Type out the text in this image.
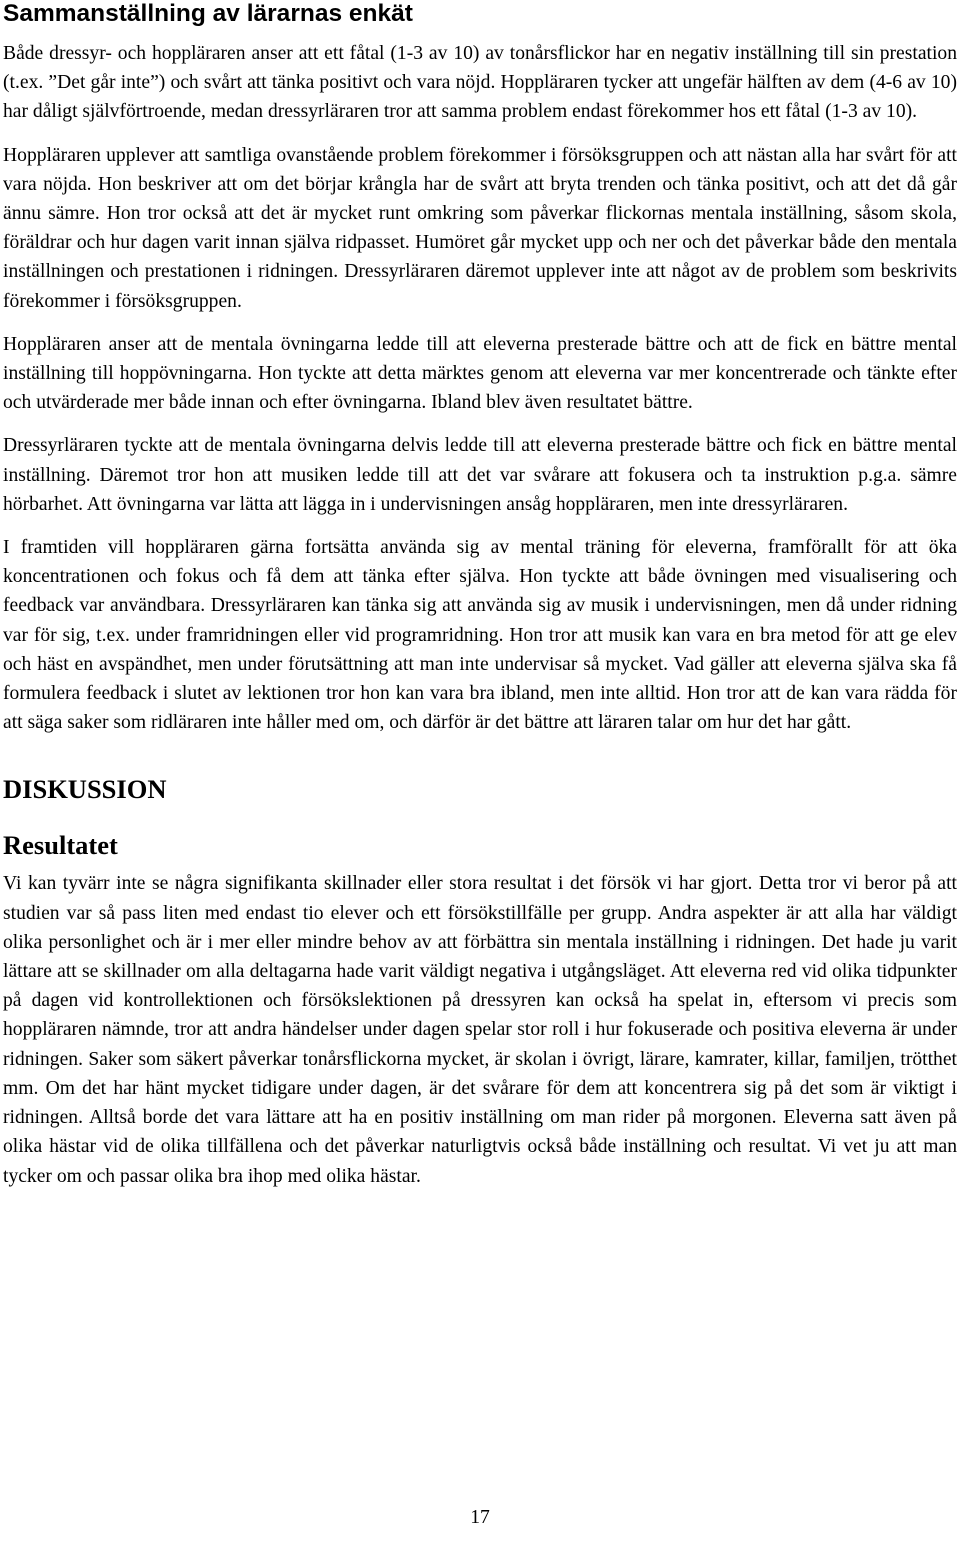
Sammanställning av lärarnas enkät

Både dressyr- och hoppläraren anser att ett fåtal (1-3 av 10) av tonårsflickor har en negativ inställning till sin prestation (t.ex. ”Det går inte”) och svårt att tänka positivt och vara nöjd. Hoppläraren tycker att ungefär hälften av dem (4-6 av 10) har dåligt självförtroende, medan dressyrläraren tror att samma problem endast förekommer hos ett fåtal (1-3 av 10).

Hoppläraren upplever att samtliga ovanstående problem förekommer i försöksgruppen och att nästan alla har svårt för att vara nöjda. Hon beskriver att om det börjar krångla har de svårt att bryta trenden och tänka positivt, och att det då går ännu sämre. Hon tror också att det är mycket runt omkring som påverkar flickornas mentala inställning, såsom skola, föräldrar och hur dagen varit innan själva ridpasset. Humöret går mycket upp och ner och det påverkar både den mentala inställningen och prestationen i ridningen. Dressyrläraren däremot upplever inte att något av de problem som beskrivits förekommer i försöksgruppen.

Hoppläraren anser att de mentala övningarna ledde till att eleverna presterade bättre och att de fick en bättre mental inställning till hoppövningarna. Hon tyckte att detta märktes genom att eleverna var mer koncentrerade och tänkte efter och utvärderade mer både innan och efter övningarna. Ibland blev även resultatet bättre.

Dressyrläraren tyckte att de mentala övningarna delvis ledde till att eleverna presterade bättre och fick en bättre mental inställning. Däremot tror hon att musiken ledde till att det var svårare att fokusera och ta instruktion p.g.a. sämre hörbarhet. Att övningarna var lätta att lägga in i undervisningen ansåg hoppläraren, men inte dressyrläraren.

I framtiden vill hoppläraren gärna fortsätta använda sig av mental träning för eleverna, framförallt för att öka koncentrationen och fokus och få dem att tänka efter själva. Hon tyckte att både övningen med visualisering och feedback var användbara. Dressyrläraren kan tänka sig att använda sig av musik i undervisningen, men då under ridning var för sig, t.ex. under framridningen eller vid programridning. Hon tror att musik kan vara en bra metod för att ge elev och häst en avspändhet, men under förutsättning att man inte undervisar så mycket. Vad gäller att eleverna själva ska få formulera feedback i slutet av lektionen tror hon kan vara bra ibland, men inte alltid. Hon tror att de kan vara rädda för att säga saker som ridläraren inte håller med om, och därför är det bättre att läraren talar om hur det har gått.

DISKUSSION
Resultatet

Vi kan tyvärr inte se några signifikanta skillnader eller stora resultat i det försök vi har gjort. Detta tror vi beror på att studien var så pass liten med endast tio elever och ett försökstillfälle per grupp. Andra aspekter är att alla har väldigt olika personlighet och är i mer eller mindre behov av att förbättra sin mentala inställning i ridningen. Det hade ju varit lättare att se skillnader om alla deltagarna hade varit väldigt negativa i utgångsläget. Att eleverna red vid olika tidpunkter på dagen vid kontrollektionen och försökslektionen på dressyren kan också ha spelat in, eftersom vi precis som hoppläraren nämnde, tror att andra händelser under dagen spelar stor roll i hur fokuserade och positiva eleverna är under ridningen. Saker som säkert påverkar tonårsflickorna mycket, är skolan i övrigt, lärare, kamrater, killar, familjen, trötthet mm. Om det har hänt mycket tidigare under dagen, är det svårare för dem att koncentrera sig på det som är viktigt i ridningen. Alltså borde det vara lättare att ha en positiv inställning om man rider på morgonen. Eleverna satt även på olika hästar vid de olika tillfällena och det påverkar naturligtvis också både inställning och resultat. Vi vet ju att man tycker om och passar olika bra ihop med olika hästar.

17
